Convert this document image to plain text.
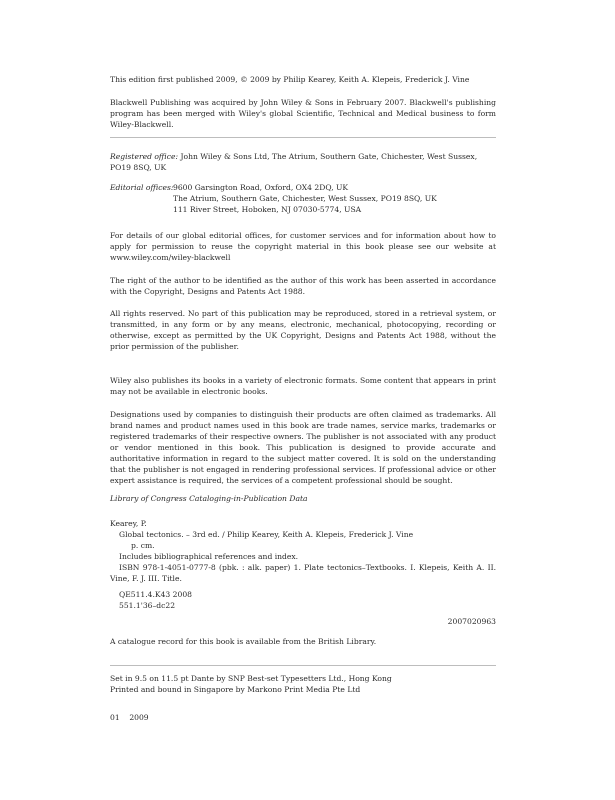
This edition first published 2009, © 2009 by Philip Kearey, Keith A. Klepeis, Frederick J. Vine

Blackwell Publishing was acquired by John Wiley & Sons in February 2007. Blackwell's publishing program has been merged with Wiley's global Scientific, Technical and Medical business to form Wiley-Blackwell.

Registered office: John Wiley & Sons Ltd, The Atrium, Southern Gate, Chichester, West Sussex, PO19 8SQ, UK

Editorial offices: 9600 Garsington Road, Oxford, OX4 2DQ, UK
The Atrium, Southern Gate, Chichester, West Sussex, PO19 8SQ, UK
111 River Street, Hoboken, NJ 07030-5774, USA

For details of our global editorial offices, for customer services and for information about how to apply for permission to reuse the copyright material in this book please see our website at www.wiley.com/wiley-blackwell

The right of the author to be identified as the author of this work has been asserted in accordance with the Copyright, Designs and Patents Act 1988.

All rights reserved. No part of this publication may be reproduced, stored in a retrieval system, or transmitted, in any form or by any means, electronic, mechanical, photocopying, recording or otherwise, except as permitted by the UK Copyright, Designs and Patents Act 1988, without the prior permission of the publisher.

Wiley also publishes its books in a variety of electronic formats. Some content that appears in print may not be available in electronic books.

Designations used by companies to distinguish their products are often claimed as trademarks. All brand names and product names used in this book are trade names, service marks, trademarks or registered trademarks of their respective owners. The publisher is not associated with any product or vendor mentioned in this book. This publication is designed to provide accurate and authoritative information in regard to the subject matter covered. It is sold on the understanding that the publisher is not engaged in rendering professional services. If professional advice or other expert assistance is required, the services of a competent professional should be sought.

Library of Congress Cataloging-in-Publication Data

Kearey, P.

Global tectonics. – 3rd ed. / Philip Kearey, Keith A. Klepeis, Frederick J. Vine

p. cm.

Includes bibliographical references and index.

ISBN 978-1-4051-0777-8 (pbk. : alk. paper) 1. Plate tectonics–Textbooks. I. Klepeis, Keith A. II. Vine, F. J. III. Title.

QE511.4.K43 2008

551.1'36–dc22

2007020963

A catalogue record for this book is available from the British Library.

Set in 9.5 on 11.5 pt Dante by SNP Best-set Typesetters Ltd., Hong Kong

Printed and bound in Singapore by Markono Print Media Pte Ltd

01    2009
